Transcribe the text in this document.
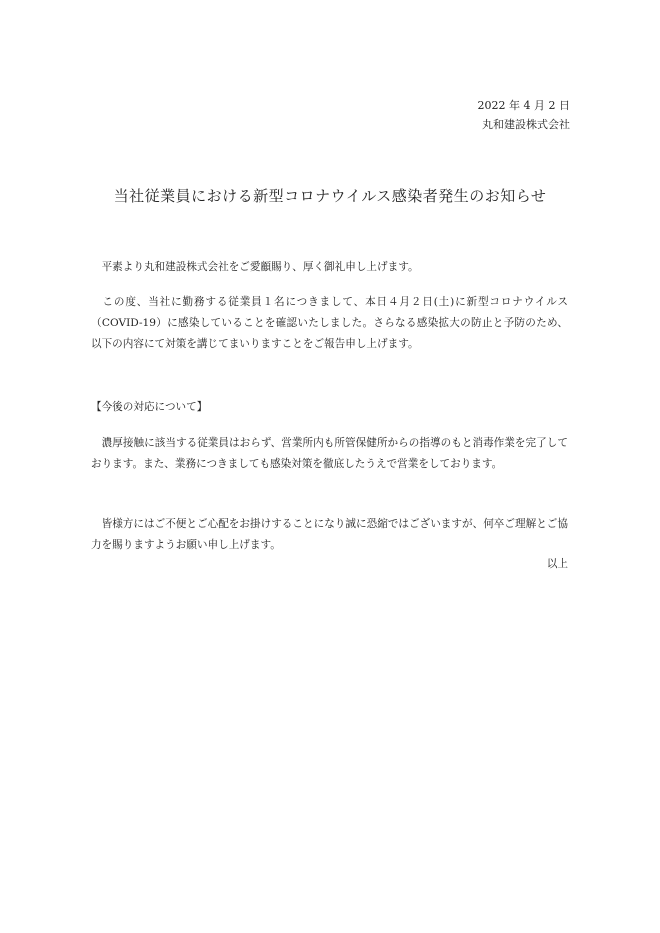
2022 年 4 月 2 日
丸和建設株式会社
当社従業員における新型コロナウイルス感染者発生のお知らせ

　平素より丸和建設株式会社をご愛顧賜り、厚く御礼申し上げます。

　この度、当社に勤務する従業員１名につきまして、本日４月２日(土)に新型コロナウイルス（COVID-19）に感染していることを確認いたしました。さらなる感染拡大の防止と予防のため、以下の内容にて対策を講じてまいりますことをご報告申し上げます。

【今後の対応について】

　濃厚接触に該当する従業員はおらず、営業所内も所管保健所からの指導のもと消毒作業を完了しております。また、業務につきましても感染対策を徹底したうえで営業をしております。

　皆様方にはご不便とご心配をお掛けすることになり誠に恐縮ではございますが、何卒ご理解とご協力を賜りますようお願い申し上げます。

以上
